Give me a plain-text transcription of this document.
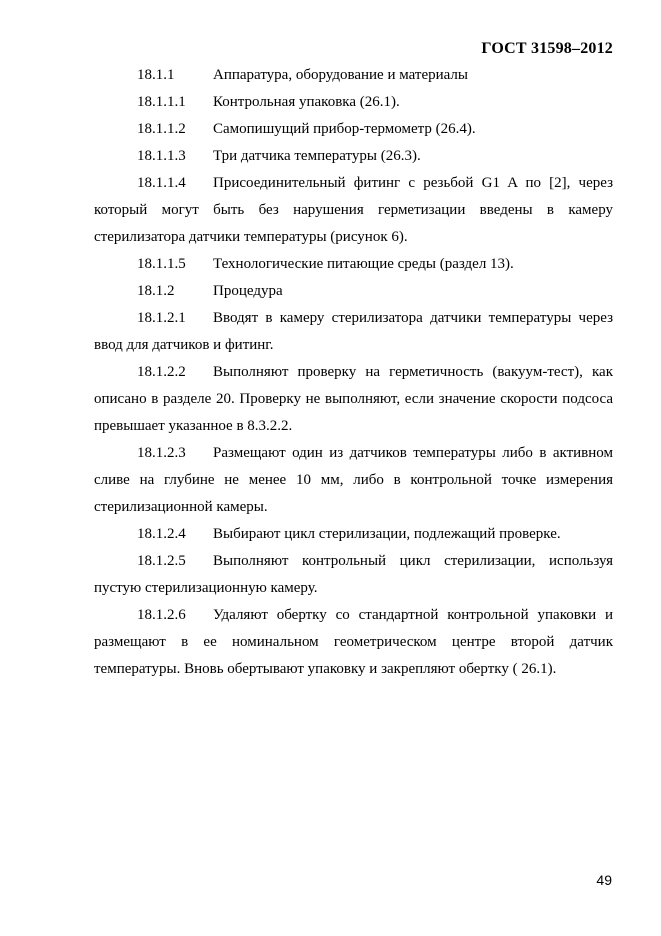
ГОСТ 31598–2012

18.1.1	Аппаратура, оборудование и материалы

18.1.1.1 Контрольная упаковка (26.1).

18.1.1.2 Самопишущий прибор-термометр (26.4).

18.1.1.3 Три датчика температуры (26.3).

18.1.1.4 Присоединительный фитинг с резьбой G1 A по [2], через который могут быть без нарушения герметизации введены в камеру стерилизатора датчики температуры (рисунок 6).

18.1.1.5 Технологические питающие среды (раздел 13).

18.1.2	Процедура

18.1.2.1 Вводят в камеру стерилизатора датчики температуры через ввод для датчиков и фитинг.

18.1.2.2 Выполняют проверку на герметичность (вакуум-тест), как описано в разделе 20. Проверку не выполняют, если значение скорости подсоса превышает указанное в 8.3.2.2.

18.1.2.3 Размещают один из датчиков температуры либо в активном сливе на глубине не менее 10 мм, либо в контрольной точке измерения стерилизационной камеры.

18.1.2.4 Выбирают цикл стерилизации, подлежащий проверке.

18.1.2.5 Выполняют контрольный цикл стерилизации, используя пустую стерилизационную камеру.

18.1.2.6 Удаляют обертку со стандартной контрольной упаковки и размещают в ее номинальном геометрическом центре второй датчик температуры. Вновь обертывают упаковку и закрепляют обертку ( 26.1).

49
